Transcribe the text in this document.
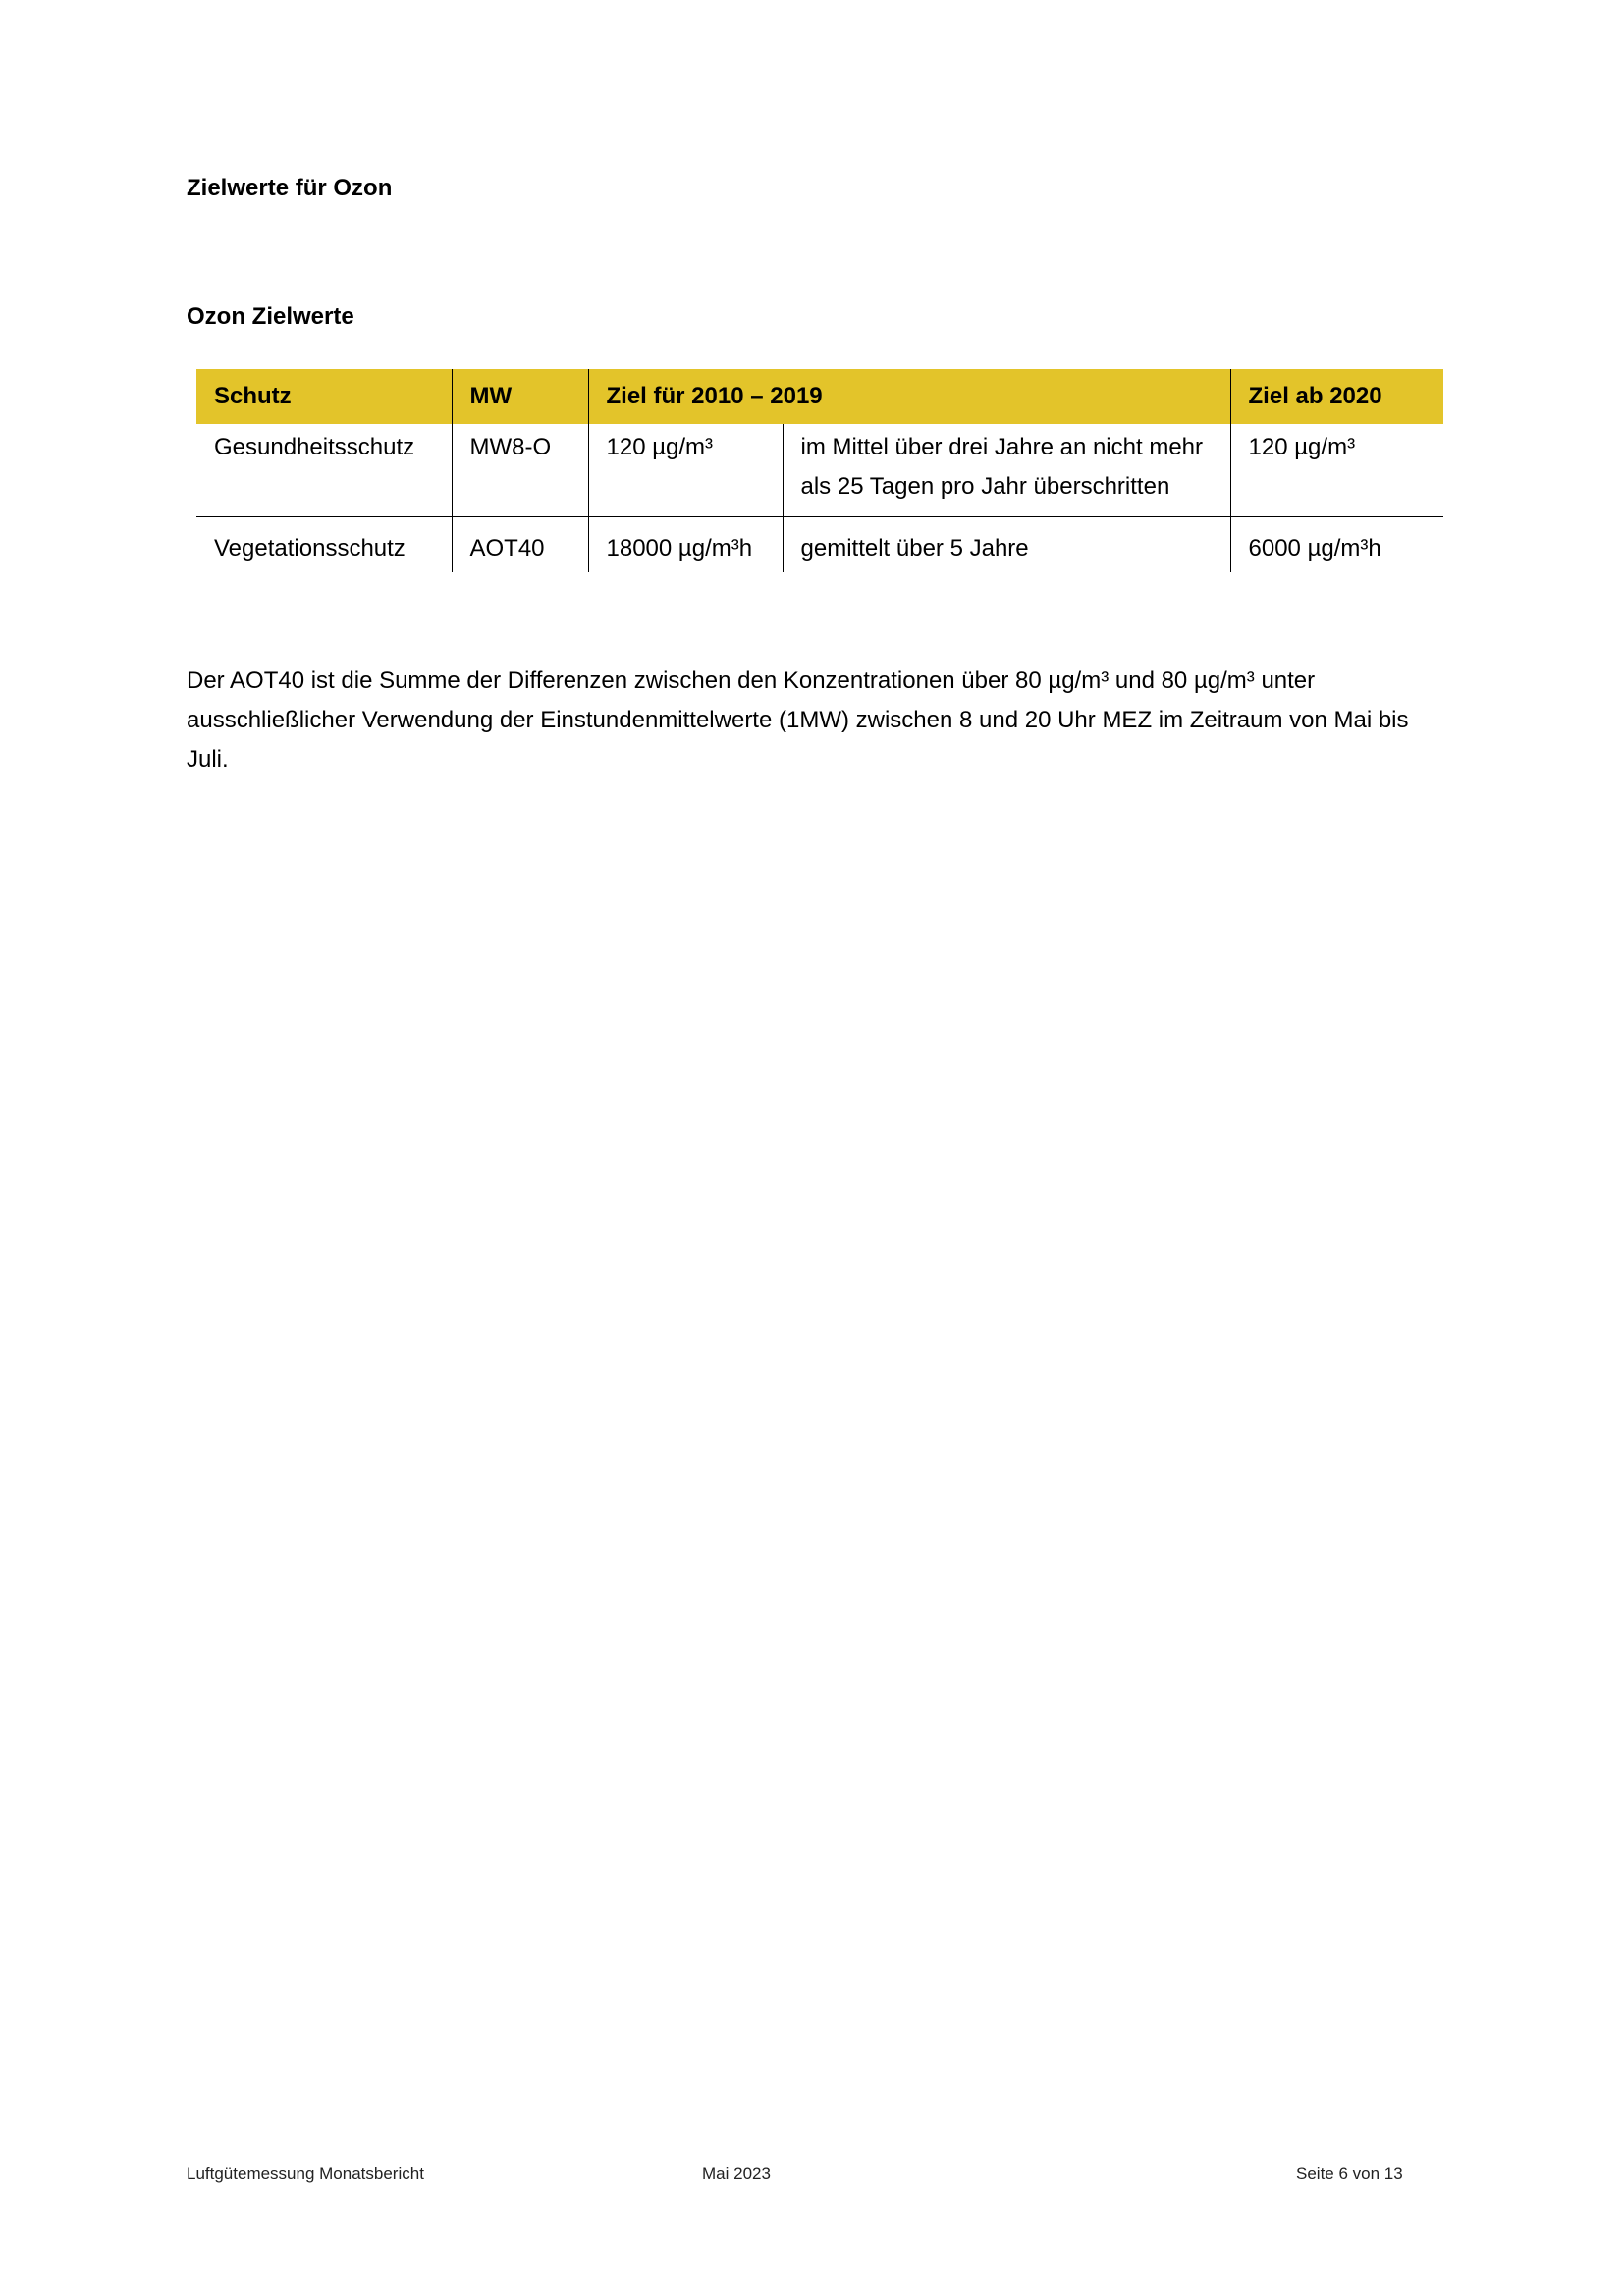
Zielwerte für Ozon
Ozon Zielwerte
Schutz	MW	Ziel für 2010 – 2019		Ziel ab 2020
Gesundheitsschutz	MW8-O	120 µg/m³	im Mittel über drei Jahre an nicht mehr als 25 Tagen pro Jahr überschritten	120 µg/m³
Vegetationsschutz	AOT40	18000 µg/m³h	gemittelt über 5 Jahre	6000 µg/m³h

Der AOT40 ist die Summe der Differenzen zwischen den Konzentrationen über 80 µg/m³ und 80 µg/m³ unter ausschließlicher Verwendung der Einstundenmittelwerte (1MW) zwischen 8 und 20 Uhr MEZ im Zeitraum von Mai bis Juli.

Luftgütemessung Monatsbericht	Mai 2023	Seite 6 von 13
